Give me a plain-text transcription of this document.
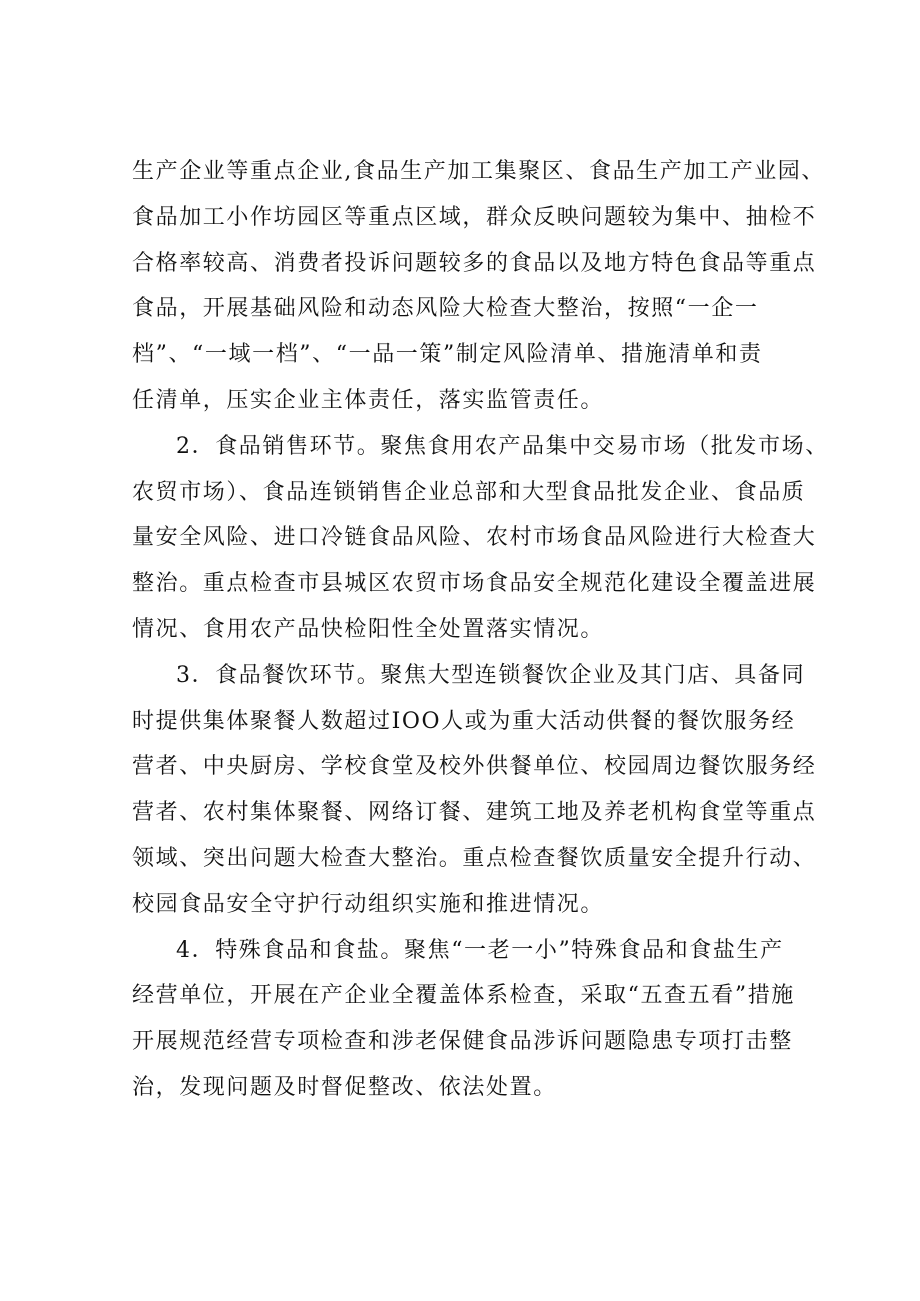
生产企业等重点企业,食品生产加工集聚区、食品生产加工产业园、
食品加工小作坊园区等重点区域，群众反映问题较为集中、抽检不
合格率较高、消费者投诉问题较多的食品以及地方特色食品等重点
食品，开展基础风险和动态风险大检查大整治，按照“一企一
档”、“一域一档”、“一品一策”制定风险清单、措施清单和责
任清单，压实企业主体责任，落实监管责任。
2．食品销售环节。聚焦食用农产品集中交易市场（批发市场、
农贸市场）、食品连锁销售企业总部和大型食品批发企业、食品质
量安全风险、进口冷链食品风险、农村市场食品风险进行大检查大
整治。重点检查市县城区农贸市场食品安全规范化建设全覆盖进展
情况、食用农产品快检阳性全处置落实情况。
3．食品餐饮环节。聚焦大型连锁餐饮企业及其门店、具备同
时提供集体聚餐人数超过IOO人或为重大活动供餐的餐饮服务经
营者、中央厨房、学校食堂及校外供餐单位、校园周边餐饮服务经
营者、农村集体聚餐、网络订餐、建筑工地及养老机构食堂等重点
领域、突出问题大检查大整治。重点检查餐饮质量安全提升行动、
校园食品安全守护行动组织实施和推进情况。
4．特殊食品和食盐。聚焦“一老一小”特殊食品和食盐生产
经营单位，开展在产企业全覆盖体系检查，采取“五查五看”措施
开展规范经营专项检查和涉老保健食品涉诉问题隐患专项打击整
治，发现问题及时督促整改、依法处置。
